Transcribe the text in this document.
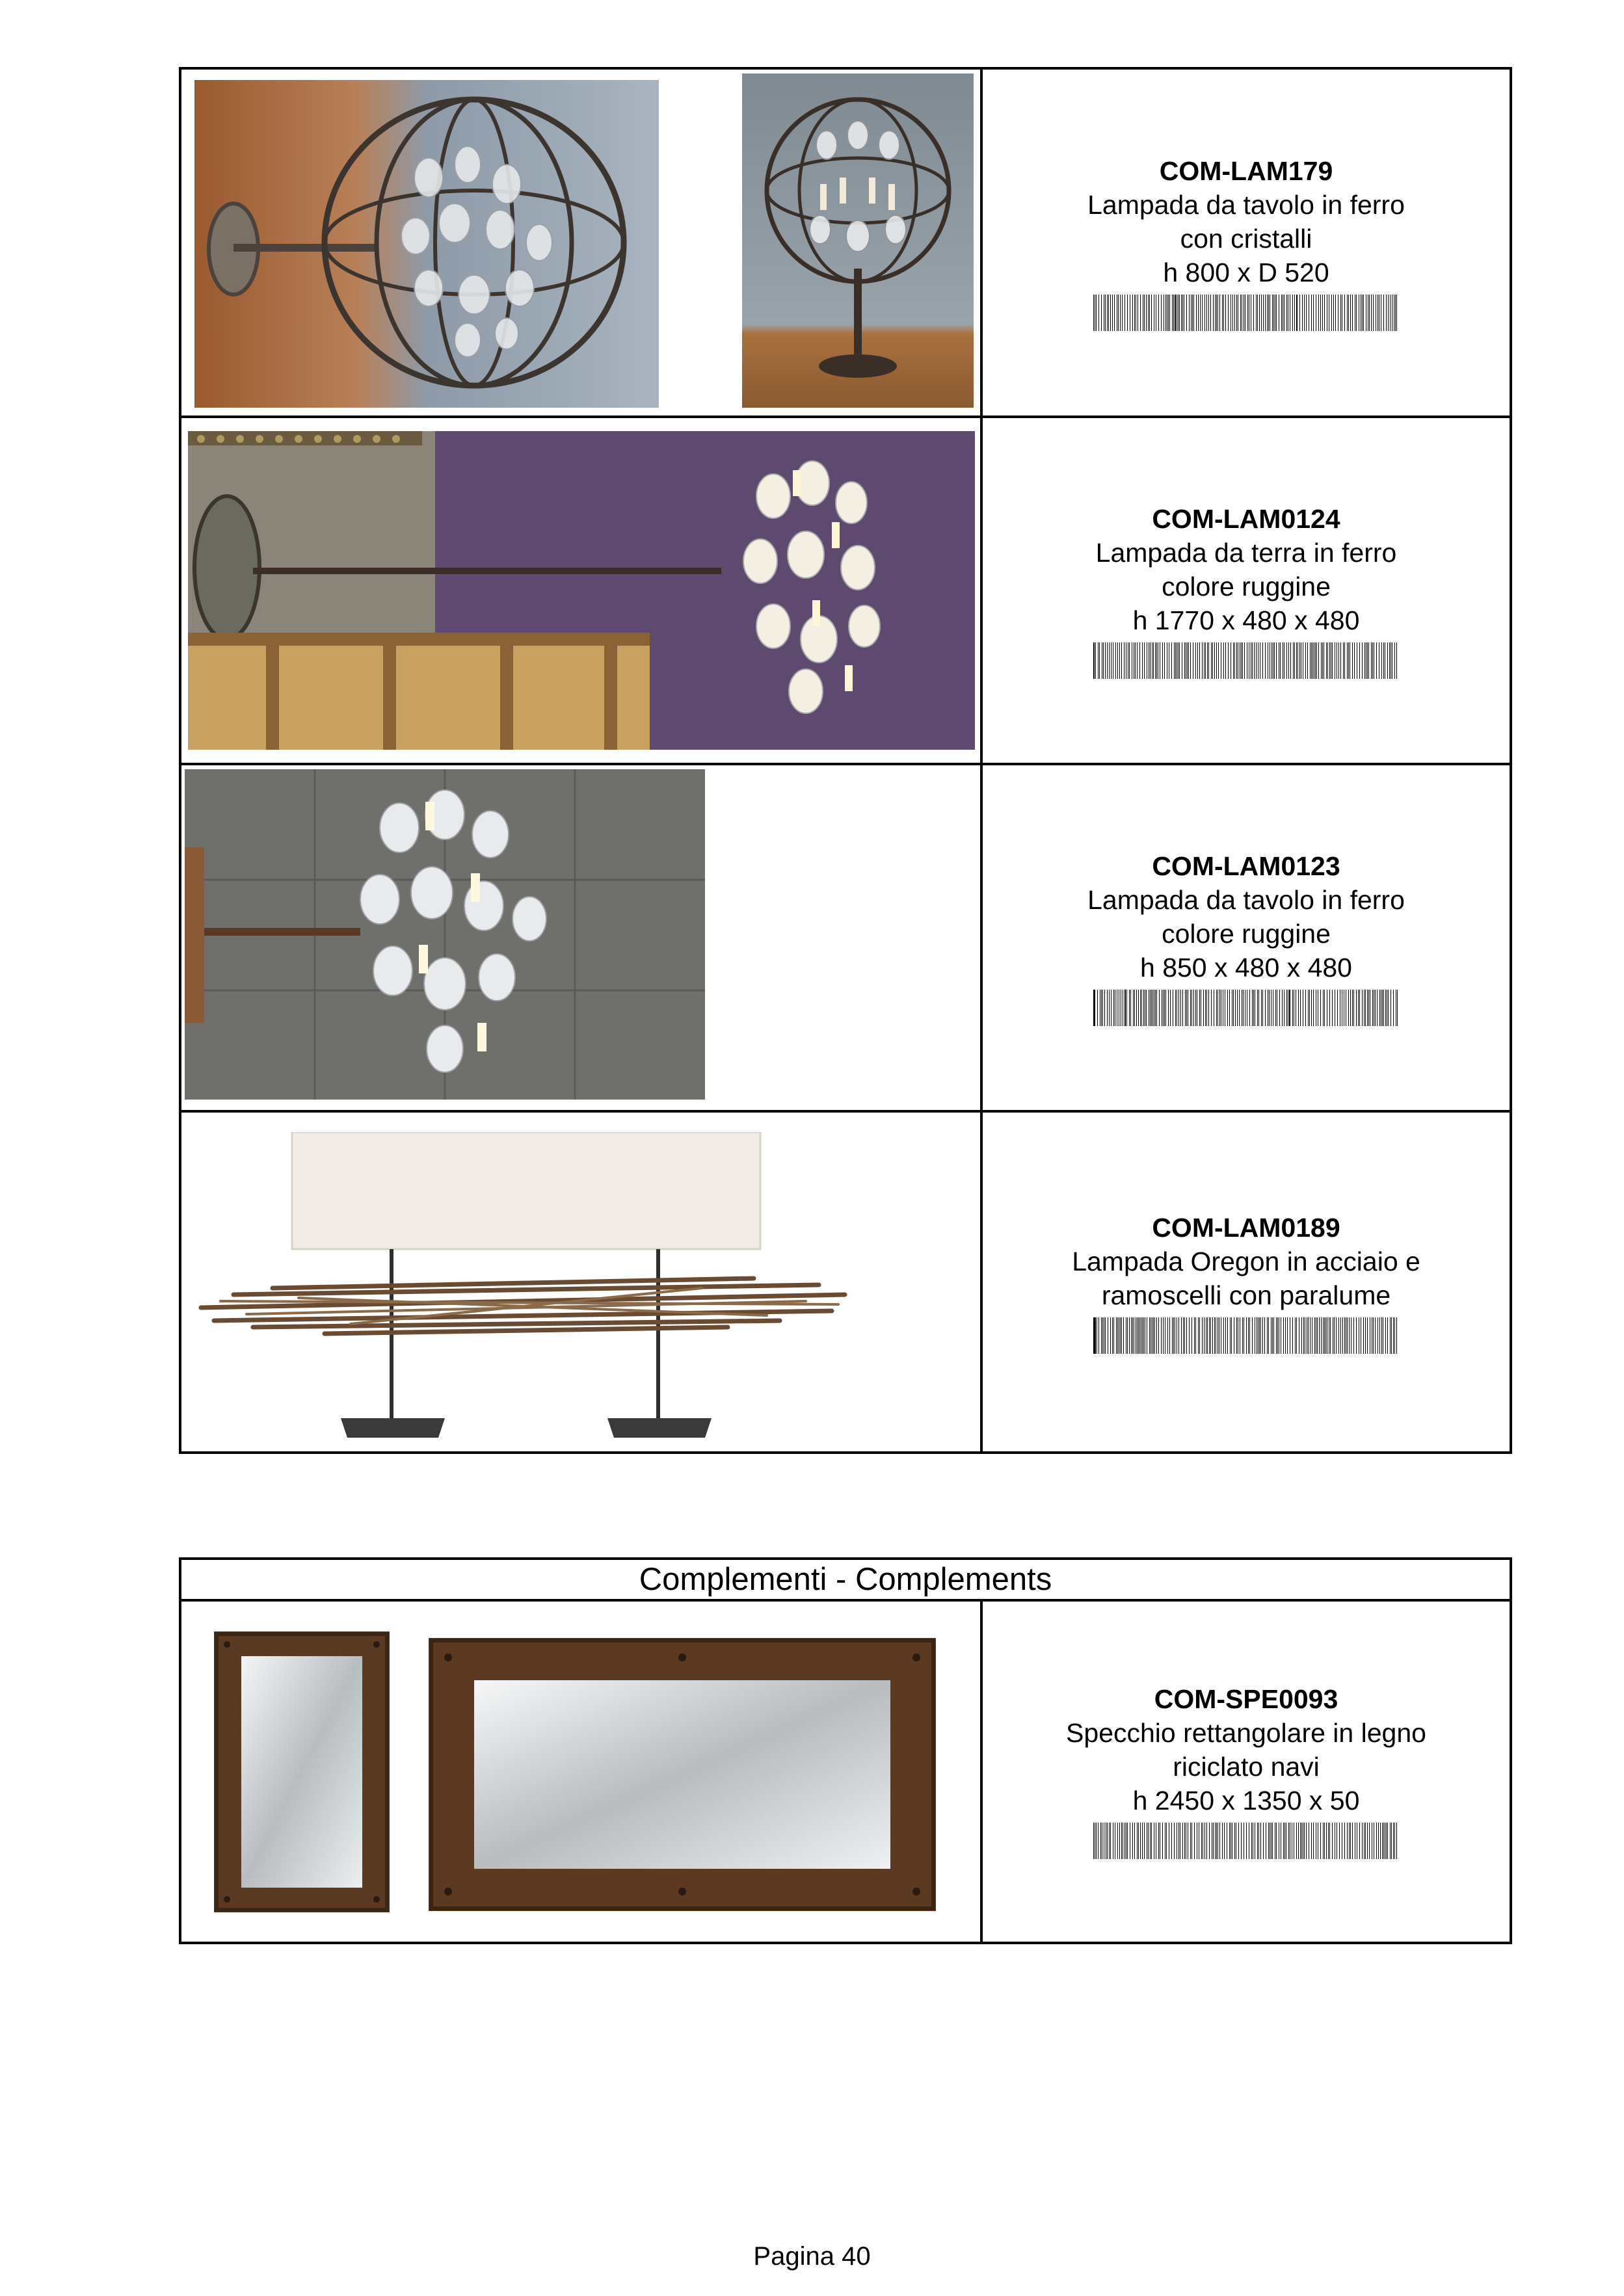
COM-LAM179
Lampada da tavolo in ferro
con cristalli
h 800 x D 520
COM-LAM0124
Lampada da terra in ferro
colore ruggine
h 1770 x 480 x 480
COM-LAM0123
Lampada da tavolo in ferro
colore ruggine
h 850 x 480 x 480
COM-LAM0189
Lampada Oregon in acciaio e
ramoscelli con paralume
Complementi - Complements
COM-SPE0093
Specchio rettangolare in legno
riciclato navi
h 2450 x 1350 x 50
Pagina 40
